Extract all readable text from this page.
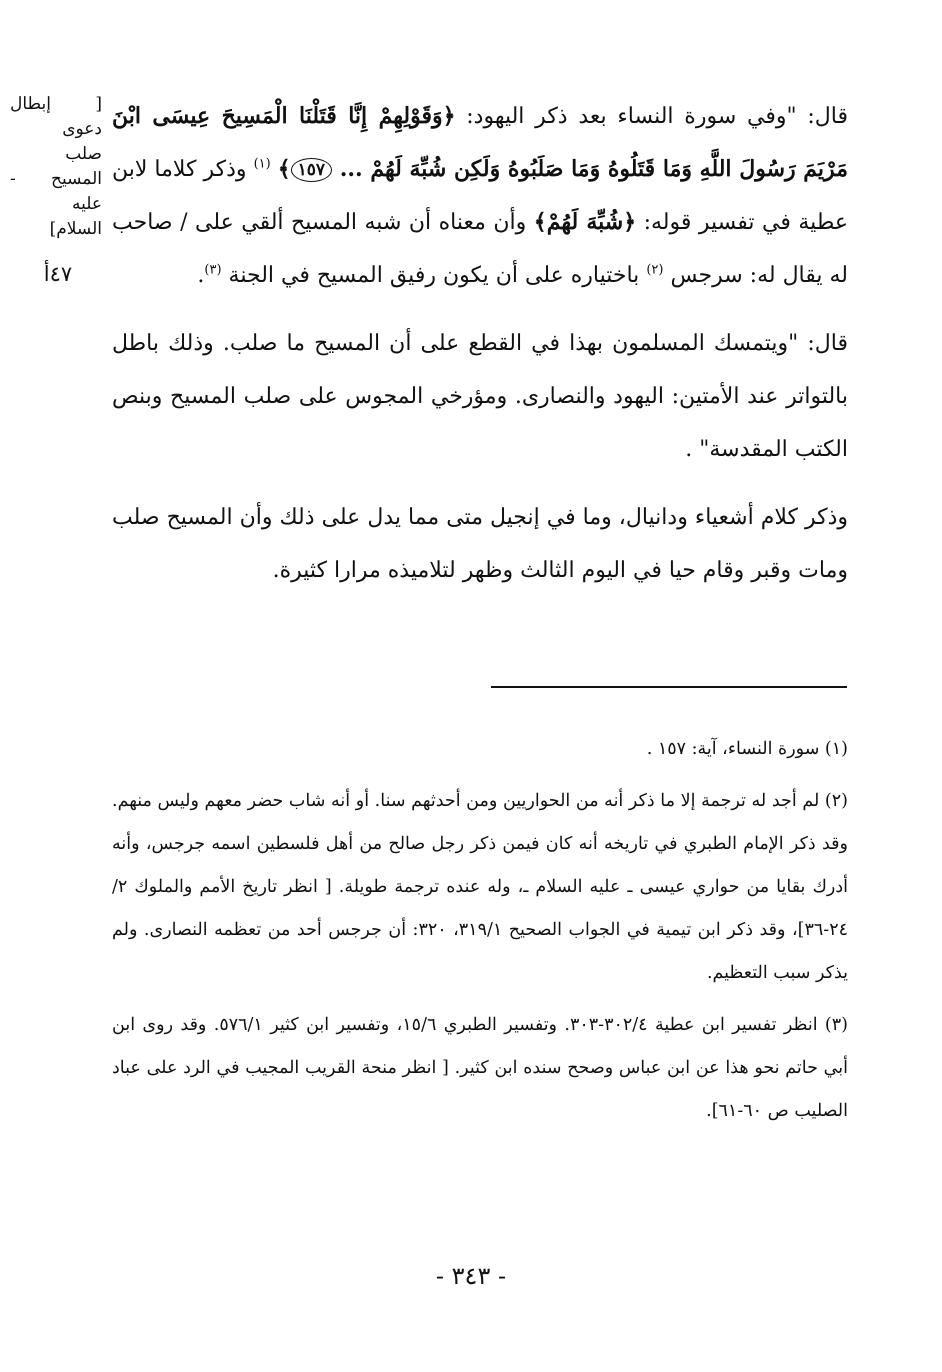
[ إبطال
دعوى
صلب
المسيح -
عليه
السلام]
٤٧أ

قال: "وفي سورة النساء بعد ذكر اليهود: ﴿وَقَوْلِهِمْ إِنَّا قَتَلْنَا الْمَسِيحَ عِيسَى ابْنَ مَرْيَمَ رَسُولَ اللَّهِ وَمَا قَتَلُوهُ وَمَا صَلَبُوهُ وَلَكِن شُبِّهَ لَهُمْ ... ١٥٧﴾ $^{(١)}$ وذكر كلاما لابن عطية في تفسير قوله: ﴿شُبِّهَ لَهُمْ﴾ وأن معناه أن شبه المسيح ألقي على / صاحب له يقال له: سرجس $^{(٢)}$ باختياره على أن يكون رفيق المسيح في الجنة $^{(٣)}$.

قال: "ويتمسك المسلمون بهذا في القطع على أن المسيح ما صلب. وذلك باطل بالتواتر عند الأمتين: اليهود والنصارى. ومؤرخي المجوس على صلب المسيح وبنص الكتب المقدسة" .

وذكر كلام أشعياء ودانيال، وما في إنجيل متى مما يدل على ذلك وأن المسيح صلب ومات وقبر وقام حيا في اليوم الثالث وظهر لتلاميذه مرارا كثيرة.

(١) سورة النساء، آية: ١٥٧ .

(٢) لم أجد له ترجمة إلا ما ذكر أنه من الحواريين ومن أحدثهم سنا. أو أنه شاب حضر معهم وليس منهم. وقد ذكر الإمام الطبري في تاريخه أنه كان فيمن ذكر رجل صالح من أهل فلسطين اسمه جرجس، وأنه أدرك بقايا من حواري عيسى ـ عليه السلام ـ، وله عنده ترجمة طويلة. [ انظر تاريخ الأمم والملوك ٢/ ٢٤-٣٦]، وقد ذكر ابن تيمية في الجواب الصحيح ٣١٩/١، ٣٢٠: أن جرجس أحد من تعظمه النصارى. ولم يذكر سبب التعظيم.

(٣) انظر تفسير ابن عطية ٣٠٢/٤-٣٠٣. وتفسير الطبري ١٥/٦، وتفسير ابن كثير ٥٧٦/١. وقد روى ابن أبي حاتم نحو هذا عن ابن عباس وصحح سنده ابن كثير. [ انظر منحة القريب المجيب في الرد على عباد الصليب ص ٦٠-٦١].

- ٣٤٣ -
